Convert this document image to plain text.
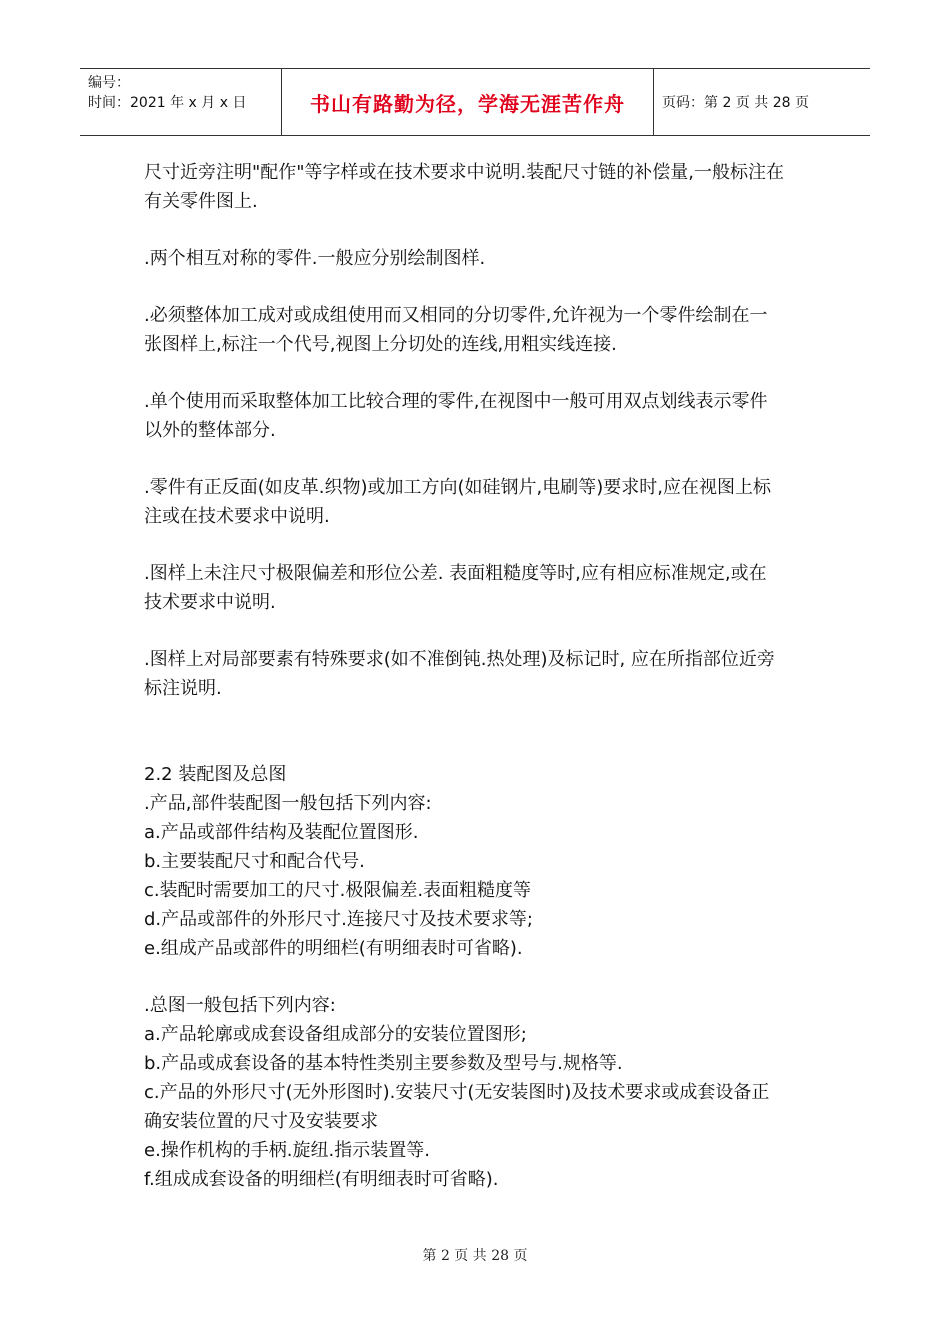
编号：
时间：2021 年 x 月 x 日	书山有路勤为径，学海无涯苦作舟	页码：第 2 页 共 28 页

尺寸近旁注明"配作"等字样或在技术要求中说明.装配尺寸链的补偿量,一般标注在有关零件图上.

.两个相互对称的零件.一般应分别绘制图样.

.必须整体加工成对或成组使用而又相同的分切零件,允许视为一个零件绘制在一张图样上,标注一个代号,视图上分切处的连线,用粗实线连接.

.单个使用而采取整体加工比较合理的零件,在视图中一般可用双点划线表示零件以外的整体部分.

.零件有正反面(如皮革.织物)或加工方向(如硅钢片,电刷等)要求时,应在视图上标注或在技术要求中说明.

.图样上未注尺寸极限偏差和形位公差. 表面粗糙度等时,应有相应标准规定,或在技术要求中说明.

.图样上对局部要素有特殊要求(如不准倒钝.热处理)及标记时, 应在所指部位近旁标注说明.

2.2 装配图及总图

.产品,部件装配图一般包括下列内容:

a.产品或部件结构及装配位置图形.

b.主要装配尺寸和配合代号.

c.装配时需要加工的尺寸.极限偏差.表面粗糙度等

d.产品或部件的外形尺寸.连接尺寸及技术要求等;

e.组成产品或部件的明细栏(有明细表时可省略).

.总图一般包括下列内容:

a.产品轮廓或成套设备组成部分的安装位置图形;

b.产品或成套设备的基本特性类别主要参数及型号与.规格等.

c.产品的外形尺寸(无外形图时).安装尺寸(无安装图时)及技术要求或成套设备正确安装位置的尺寸及安装要求

e.操作机构的手柄.旋纽.指示装置等.

f.组成成套设备的明细栏(有明细表时可省略).

第 2 页 共 28 页
